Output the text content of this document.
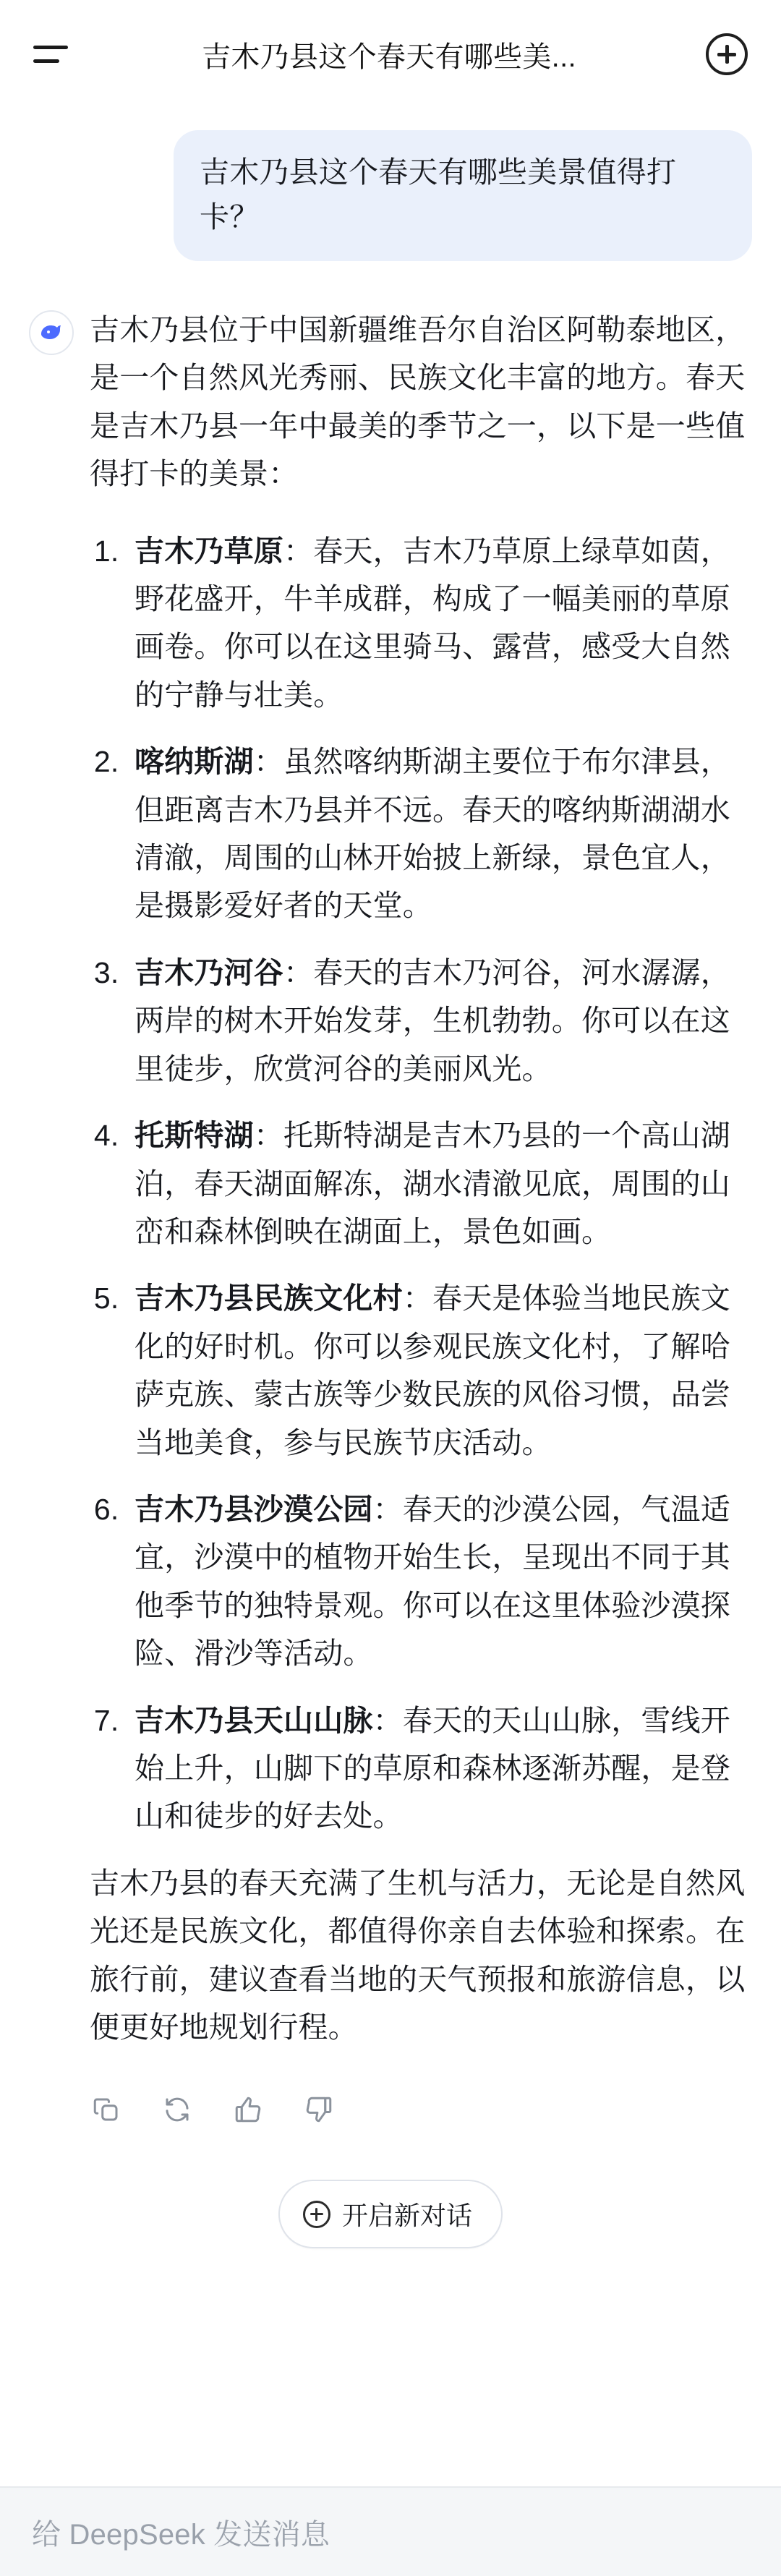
吉木乃县这个春天有哪些美...
吉木乃县这个春天有哪些美景值得打卡？

吉木乃县位于中国新疆维吾尔自治区阿勒泰地区，是一个自然风光秀丽、民族文化丰富的地方。春天是吉木乃县一年中最美的季节之一，以下是一些值得打卡的美景：

1. 吉木乃草原：春天，吉木乃草原上绿草如茵，野花盛开，牛羊成群，构成了一幅美丽的草原画卷。你可以在这里骑马、露营，感受大自然的宁静与壮美。
2. 喀纳斯湖：虽然喀纳斯湖主要位于布尔津县，但距离吉木乃县并不远。春天的喀纳斯湖湖水清澈，周围的山林开始披上新绿，景色宜人，是摄影爱好者的天堂。
3. 吉木乃河谷：春天的吉木乃河谷，河水潺潺，两岸的树木开始发芽，生机勃勃。你可以在这里徒步，欣赏河谷的美丽风光。
4. 托斯特湖：托斯特湖是吉木乃县的一个高山湖泊，春天湖面解冻，湖水清澈见底，周围的山峦和森林倒映在湖面上，景色如画。
5. 吉木乃县民族文化村：春天是体验当地民族文化的好时机。你可以参观民族文化村，了解哈萨克族、蒙古族等少数民族的风俗习惯，品尝当地美食，参与民族节庆活动。
6. 吉木乃县沙漠公园：春天的沙漠公园，气温适宜，沙漠中的植物开始生长，呈现出不同于其他季节的独特景观。你可以在这里体验沙漠探险、滑沙等活动。
7. 吉木乃县天山山脉：春天的天山山脉，雪线开始上升，山脚下的草原和森林逐渐苏醒，是登山和徒步的好去处。

吉木乃县的春天充满了生机与活力，无论是自然风光还是民族文化，都值得你亲自去体验和探索。在旅行前，建议查看当地的天气预报和旅游信息，以便更好地规划行程。

开启新对话
给 DeepSeek 发送消息
